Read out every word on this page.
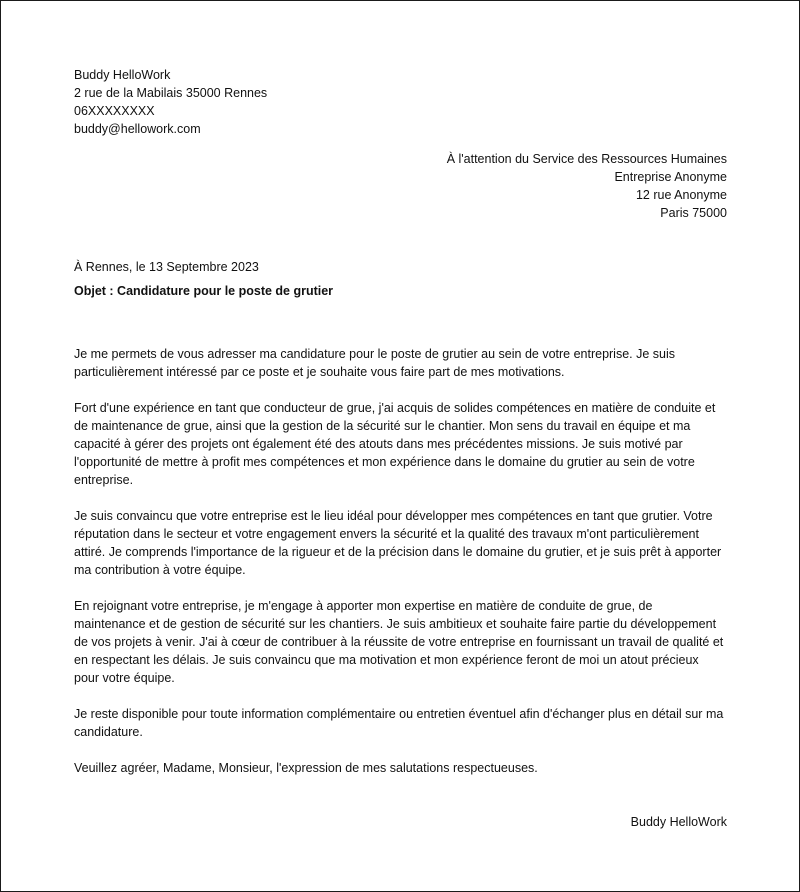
Buddy HelloWork
2 rue de la Mabilais 35000 Rennes
06XXXXXXXX
buddy@hellowork.com
À l'attention du Service des Ressources Humaines
Entreprise Anonyme
12 rue Anonyme
Paris 75000
À Rennes, le 13 Septembre 2023
Objet : Candidature pour le poste de grutier

Je me permets de vous adresser ma candidature pour le poste de grutier au sein de votre entreprise. Je suis particulièrement intéressé par ce poste et je souhaite vous faire part de mes motivations.

Fort d'une expérience en tant que conducteur de grue, j'ai acquis de solides compétences en matière de conduite et de maintenance de grue, ainsi que la gestion de la sécurité sur le chantier. Mon sens du travail en équipe et ma capacité à gérer des projets ont également été des atouts dans mes précédentes missions. Je suis motivé par l'opportunité de mettre à profit mes compétences et mon expérience dans le domaine du grutier au sein de votre entreprise.

Je suis convaincu que votre entreprise est le lieu idéal pour développer mes compétences en tant que grutier. Votre réputation dans le secteur et votre engagement envers la sécurité et la qualité des travaux m'ont particulièrement attiré. Je comprends l'importance de la rigueur et de la précision dans le domaine du grutier, et je suis prêt à apporter ma contribution à votre équipe.

En rejoignant votre entreprise, je m'engage à apporter mon expertise en matière de conduite de grue, de maintenance et de gestion de sécurité sur les chantiers. Je suis ambitieux et souhaite faire partie du développement de vos projets à venir. J'ai à cœur de contribuer à la réussite de votre entreprise en fournissant un travail de qualité et en respectant les délais. Je suis convaincu que ma motivation et mon expérience feront de moi un atout précieux pour votre équipe.

Je reste disponible pour toute information complémentaire ou entretien éventuel afin d'échanger plus en détail sur ma candidature.

Veuillez agréer, Madame, Monsieur, l'expression de mes salutations respectueuses.

Buddy HelloWork
